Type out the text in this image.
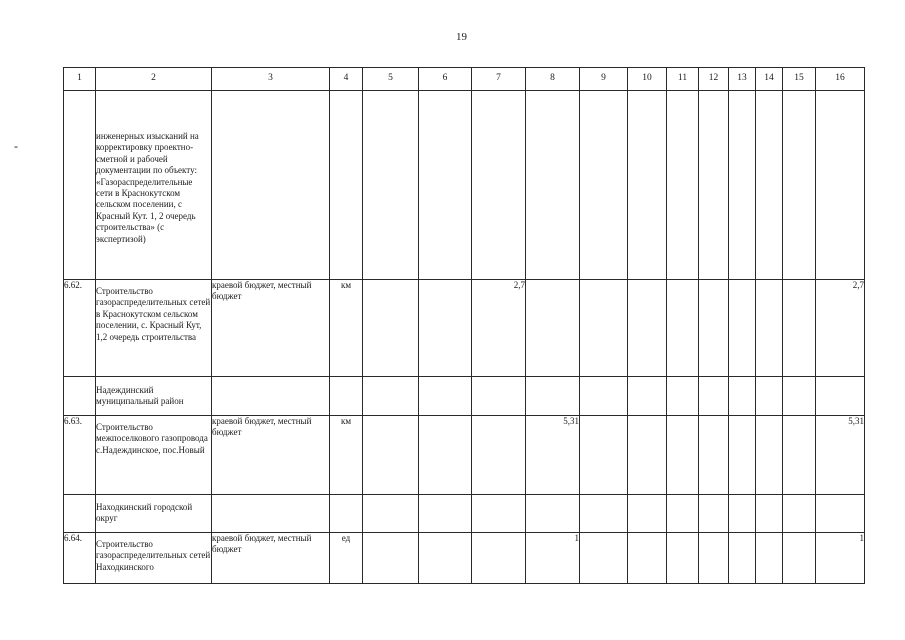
19
-
1	2	3	4	5	6	7	8	9	10	11	12	13	14	15	16
	инженерных изысканий на корректировку проектно-сметной и рабочей документации по объекту: «Газораспределительные сети в Краснокутском сельском поселении, с Красный Кут. 1, 2 очередь строительства» (с экспертизой)														
6.62.	Строительство газораспределительных сетей в Краснокутском сельском поселении, с. Красный Кут, 1,2 очередь строительства	краевой бюджет, местный бюджет	км			2,7									2,7
	Надеждинский муниципальный район														
6.63.	Строительство межпоселкового газопровода с.Надеждинское, пос.Новый	краевой бюджет, местный бюджет	км				5,31								5,31
	Находкинский городской округ														
6.64.	Строительство газораспределительных сетей Находкинского	краевой бюджет, местный бюджет	ед				1								1
